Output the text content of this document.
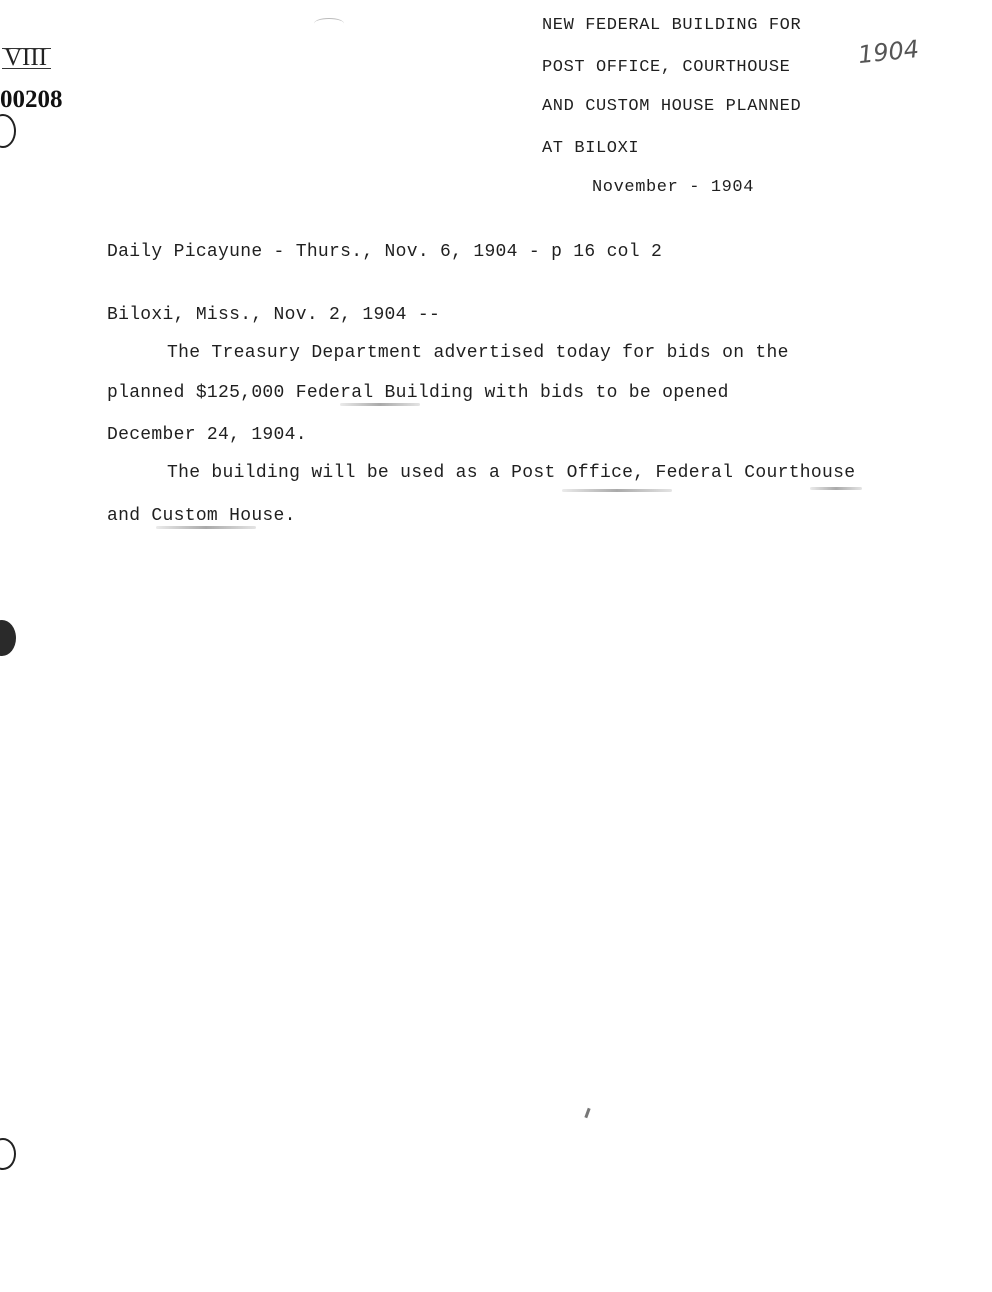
VIII
00208
1904
NEW FEDERAL BUILDING FOR
POST OFFICE, COURTHOUSE
AND CUSTOM HOUSE PLANNED
AT BILOXI
November - 1904
Daily Picayune - Thurs., Nov. 6, 1904 - p 16 col 2
Biloxi, Miss., Nov. 2, 1904 --
The Treasury Department advertised today for bids on the
planned $125,000 Federal Building with bids to be opened
December 24, 1904.
The building will be used as a Post Office, Federal Courthouse
and Custom House.
